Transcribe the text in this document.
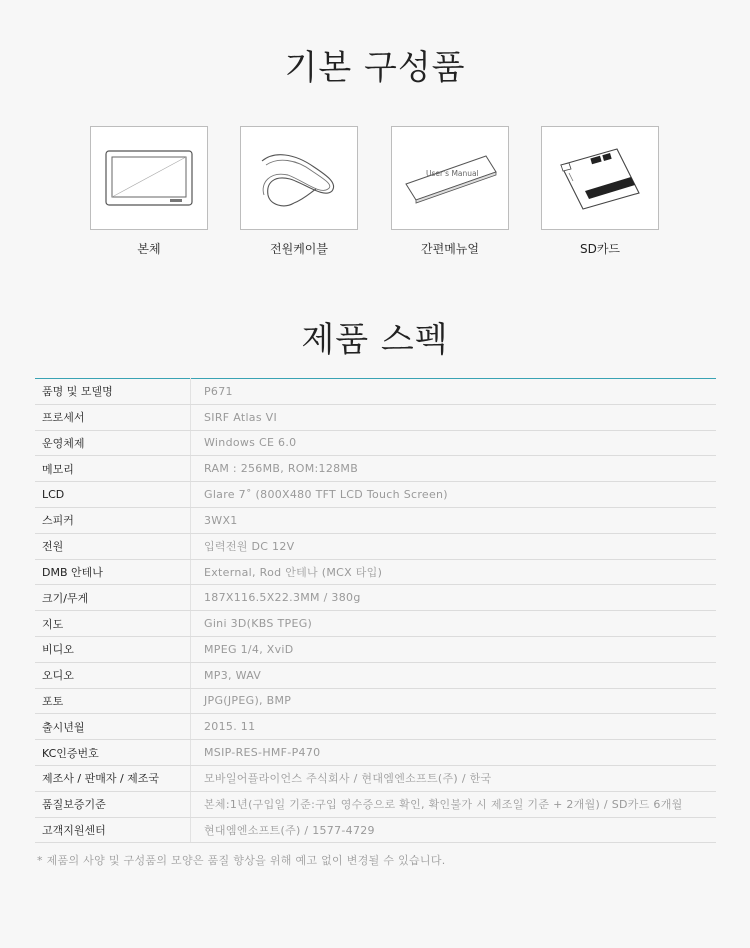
기본 구성품
본체	전원케이블
User's Manual
간편메뉴얼	SD카드
제품 스펙
품명 및 모델명	P671
프로세서	SIRF Atlas VI
운영체제	Windows CE 6.0
메모리	RAM : 256MB, ROM:128MB
LCD	Glare 7˚ (800X480 TFT LCD Touch Screen)
스피커	3WX1
전원	입력전원 DC 12V
DMB 안테나	External, Rod 안테나 (MCX 타입)
크기/무게	187X116.5X22.3MM / 380g
지도	Gini 3D(KBS TPEG)
비디오	MPEG 1/4, XviD
오디오	MP3, WAV
포토	JPG(JPEG), BMP
출시년월	2015. 11
KC인증번호	MSIP-RES-HMF-P470
제조사 / 판매자 / 제조국	모바일어플라이언스 주식회사 / 현대엠엔소프트(주) / 한국
품질보증기준	본체:1년(구입일 기준:구입 영수증으로 확인, 확인불가 시 제조일 기준 + 2개월) / SD카드 6개월
고객지원센터	현대엠엔소프트(주) / 1577-4729
* 제품의 사양 및 구성품의 모양은 품질 향상을 위해 예고 없이 변경될 수 있습니다.
